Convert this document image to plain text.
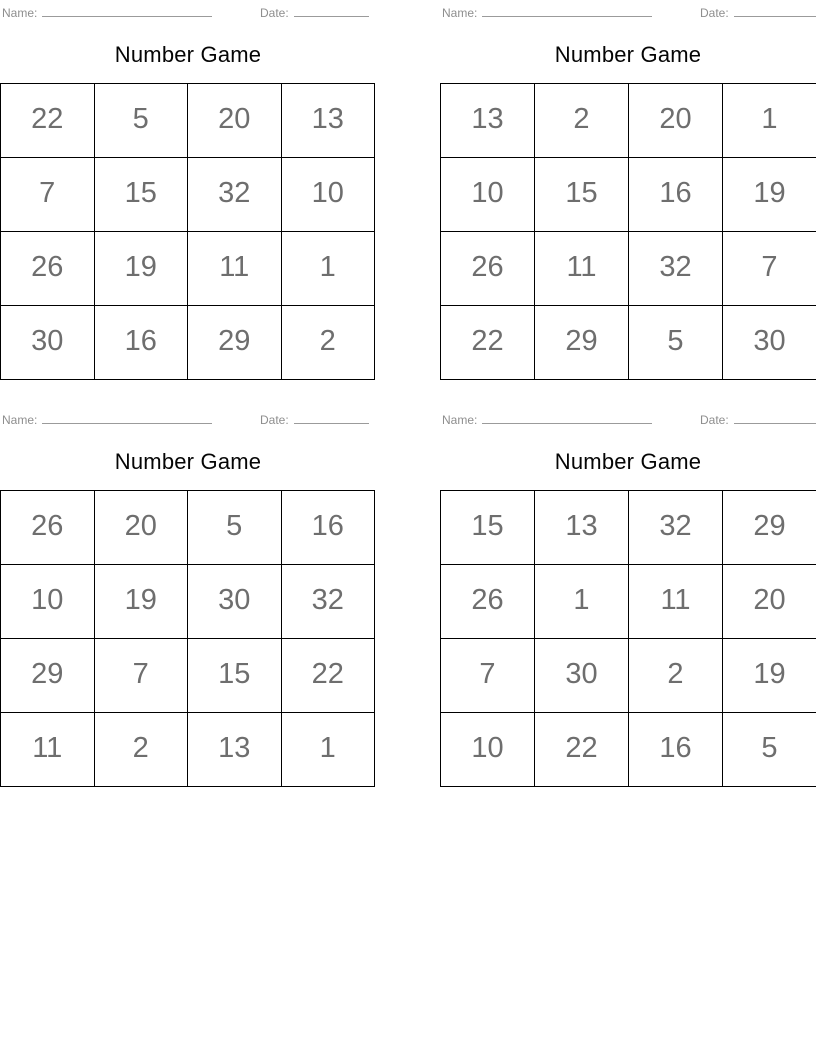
Name:	Date:
Number Game
22	5	20	13
7	15	32	10
26	19	11	1
30	16	29	2
Name:	Date:
Number Game
13	2	20	1
10	15	16	19
26	11	32	7
22	29	5	30
Name:	Date:
Number Game
26	20	5	16
10	19	30	32
29	7	15	22
11	2	13	1
Name:	Date:
Number Game
15	13	32	29
26	1	11	20
7	30	2	19
10	22	16	5
